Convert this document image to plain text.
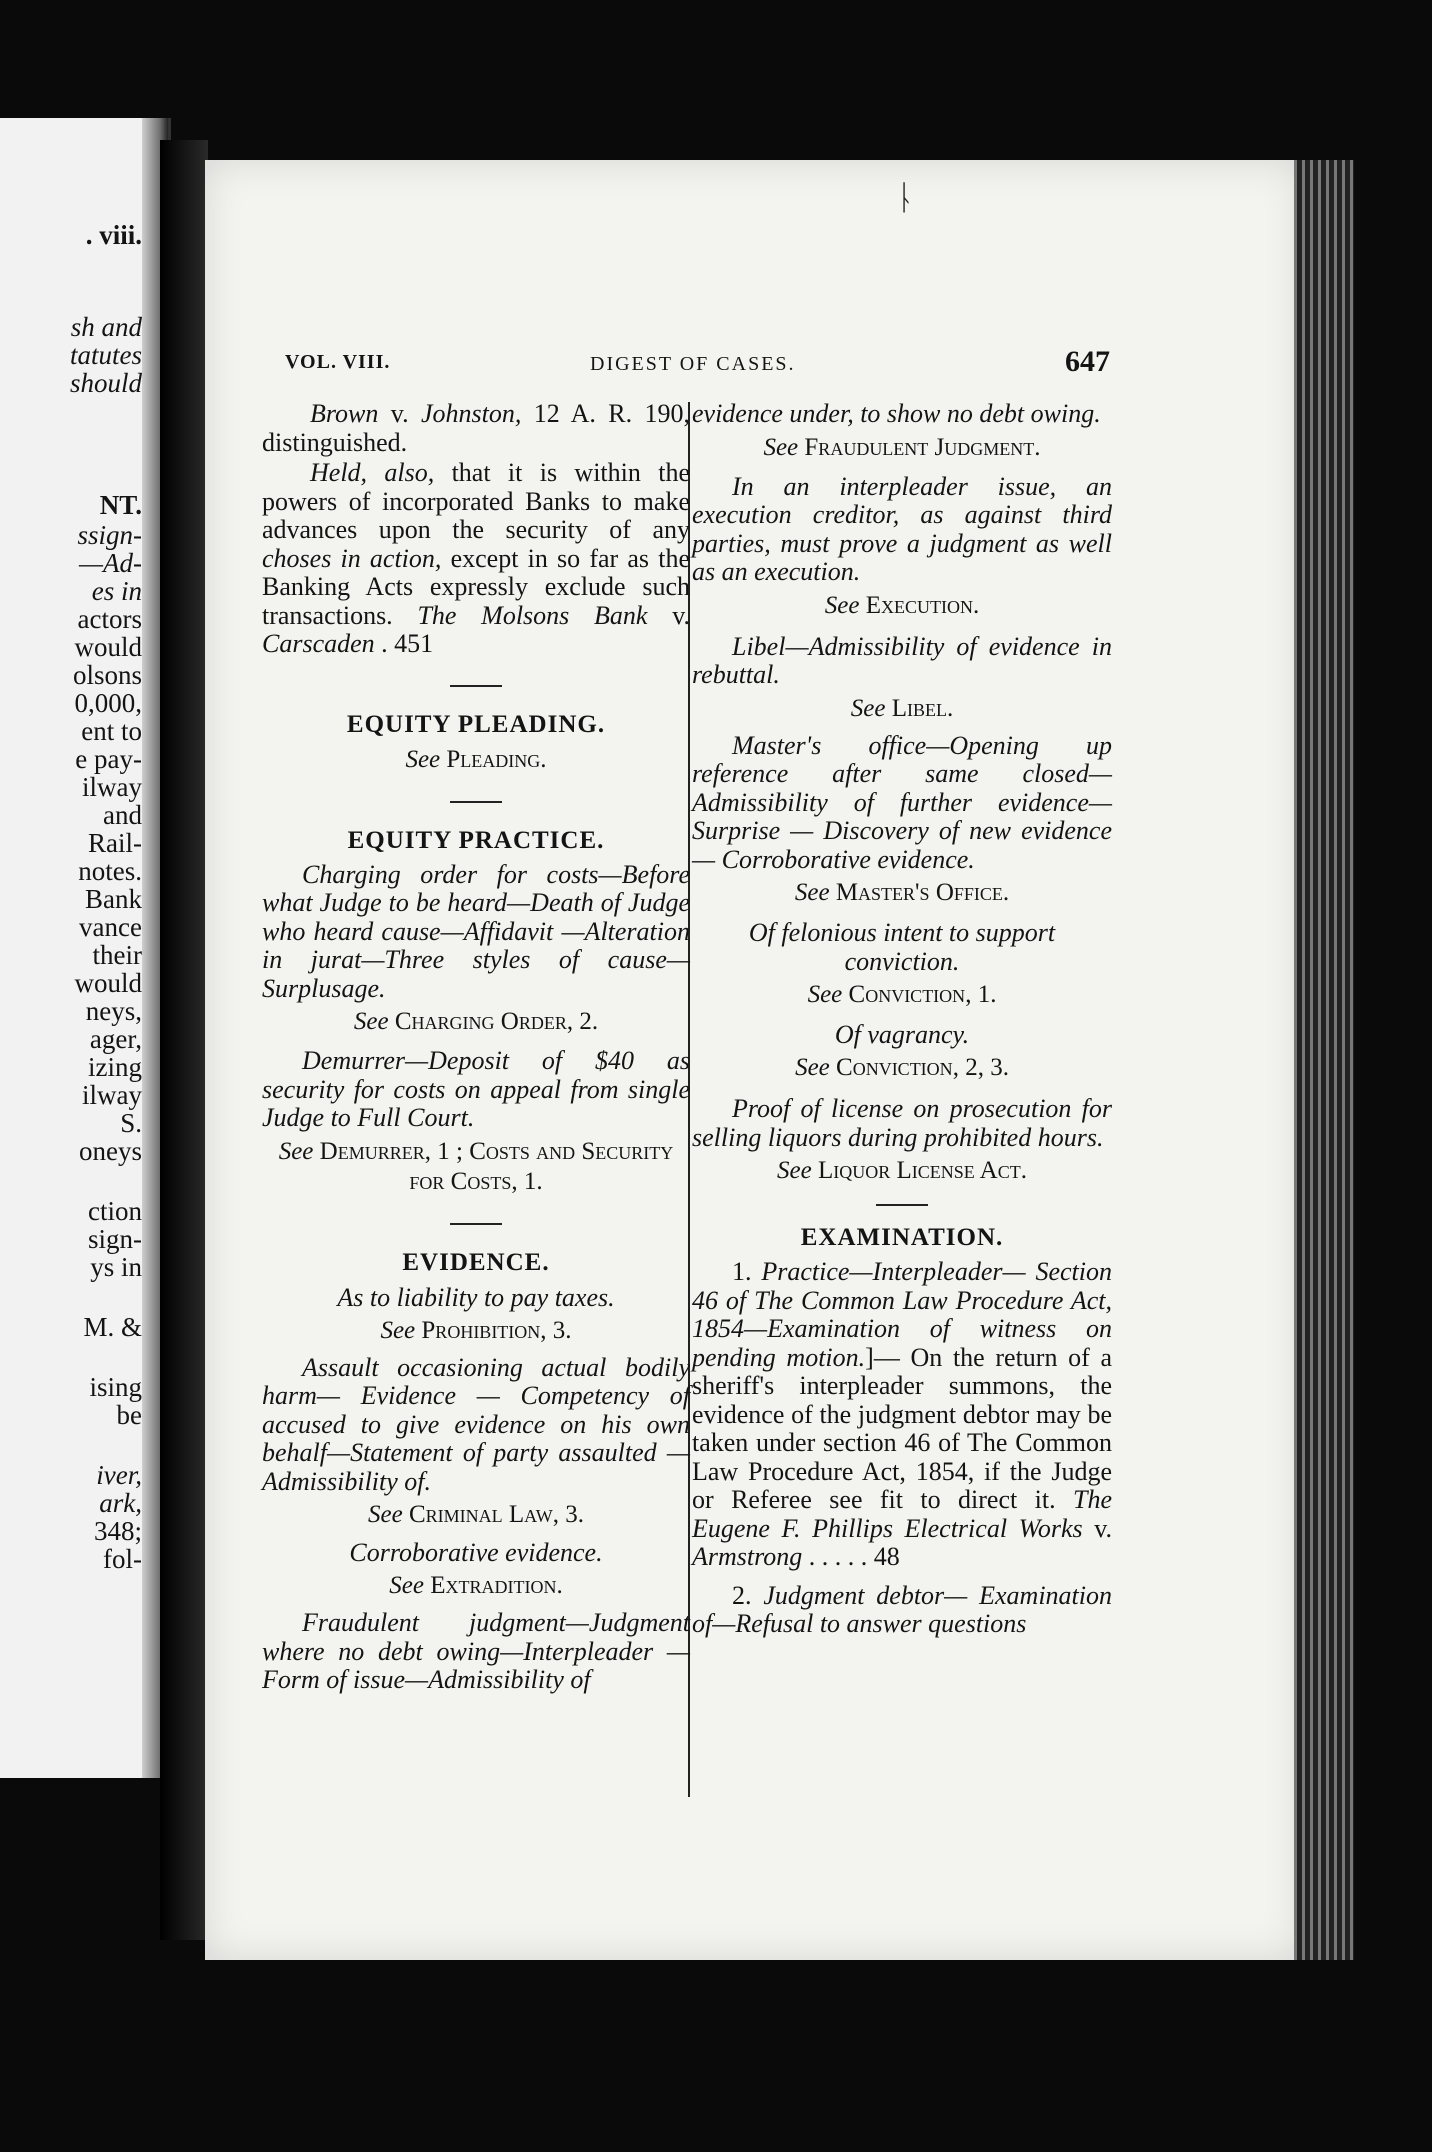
. viii.
sh and
tatutes
should
NT.
ssign-
—Ad-
es in
actors
would
olsons
0,000,
ent to
e pay-
ilway
and
Rail-
notes.
Bank
vance
their
would
neys,
ager,
izing
ilway
S.
oneys
ction
sign-
ys in
M. &
ising
be
iver,
ark,
348;
fol-
ᚿ
VOL. VIII.	DIGEST OF CASES.	647

Brown v. Johnston, 12 A. R. 190, distinguished.

Held, also, that it is within the powers of incorporated Banks to make advances upon the security of any choses in action, except in so far as the Banking Acts expressly exclude such transactions. The Molsons Bank v. Carscaden . 451

EQUITY PLEADING.
See Pleading.
EQUITY PRACTICE.

Charging order for costs—Before what Judge to be heard—Death of Judge who heard cause—Affidavit —Alteration in jurat—Three styles of cause—Surplusage.

See Charging Order, 2.

Demurrer—Deposit of $40 as security for costs on appeal from single Judge to Full Court.

See Demurrer, 1 ; Costs and Security for Costs, 1.
EVIDENCE.
As to liability to pay taxes.
See Prohibition, 3.

Assault occasioning actual bodily harm— Evidence — Competency of accused to give evidence on his own behalf—Statement of party assaulted —Admissibility of.

See Criminal Law, 3.
Corroborative evidence.
See Extradition.

Fraudulent judgment—Judgment where no debt owing—Interpleader —Form of issue—Admissibility of

evidence under, to show no debt owing.

See Fraudulent Judgment.

In an interpleader issue, an execution creditor, as against third parties, must prove a judgment as well as an execution.

See Execution.

Libel—Admissibility of evidence in rebuttal.

See Libel.

Master's office—Opening up reference after same closed—Admissibility of further evidence—Surprise — Discovery of new evidence — Corroborative evidence.

See Master's Office.
Of felonious intent to support conviction.
See Conviction, 1.
Of vagrancy.
See Conviction, 2, 3.

Proof of license on prosecution for selling liquors during prohibited hours.

See Liquor License Act.
EXAMINATION.

1. Practice—Interpleader— Section 46 of The Common Law Procedure Act, 1854—Examination of witness on pending motion.]— On the return of a sheriff's interpleader summons, the evidence of the judgment debtor may be taken under section 46 of The Common Law Procedure Act, 1854, if the Judge or Referee see fit to direct it. The Eugene F. Phillips Electrical Works v. Armstrong . . . . . 48

2. Judgment debtor— Examination of—Refusal to answer questions
